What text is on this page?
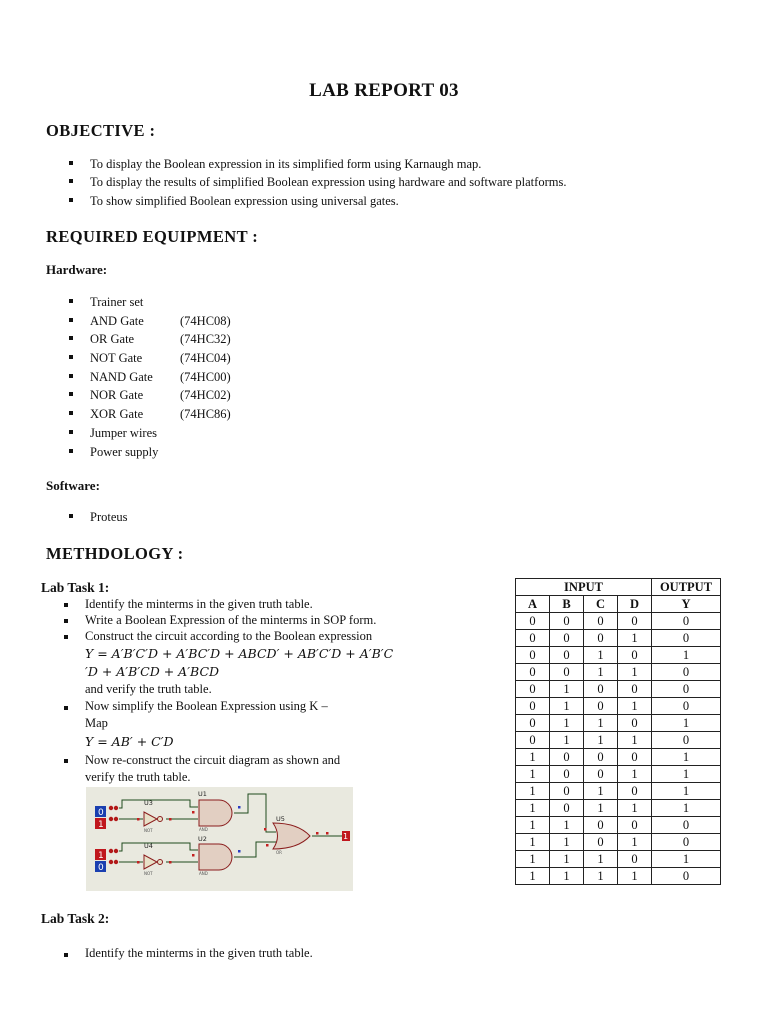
LAB REPORT 03
OBJECTIVE :
To display the Boolean expression in its simplified form using Karnaugh map.
To display the results of simplified Boolean expression using hardware and software platforms.
To show simplified Boolean expression using universal gates.
REQUIRED EQUIPMENT :
Hardware:
Trainer set
AND Gate	(74HC08)
OR Gate	(74HC32)
NOT Gate	(74HC04)
NAND Gate (74HC00)
NOR Gate	(74HC02)
XOR Gate	(74HC86)
Jumper wires
Power supply
Software:
Proteus
METHDOLOGY :
Lab Task 1:
Identify the minterms in the given truth table.
Write a Boolean Expression of the minterms in SOP form.
Construct the circuit according to the Boolean expression
Y = A′B′C′D + A′BC′D + ABCD′ + AB′C′D + A′B′C
′D + A′B′CD + A′BCD
and verify the truth table.
Now simplify the Boolean Expression using K –
Map
Y = AB′ + C′D
Now re-construct the circuit diagram as shown and
verify the truth table.
0
1
1
0
1
U1
U2
U3
U4
U5
NOT
NOT
AND
AND
OR
Lab Task 2:
Identify the minterms in the given truth table.
INPUT				OUTPUT
A	B	C	D	Y
0	0	0	0	0
0	0	0	1	0
0	0	1	0	1
0	0	1	1	0
0	1	0	0	0
0	1	0	1	0
0	1	1	0	1
0	1	1	1	0
1	0	0	0	1
1	0	0	1	1
1	0	1	0	1
1	0	1	1	1
1	1	0	0	0
1	1	0	1	0
1	1	1	0	1
1	1	1	1	0
